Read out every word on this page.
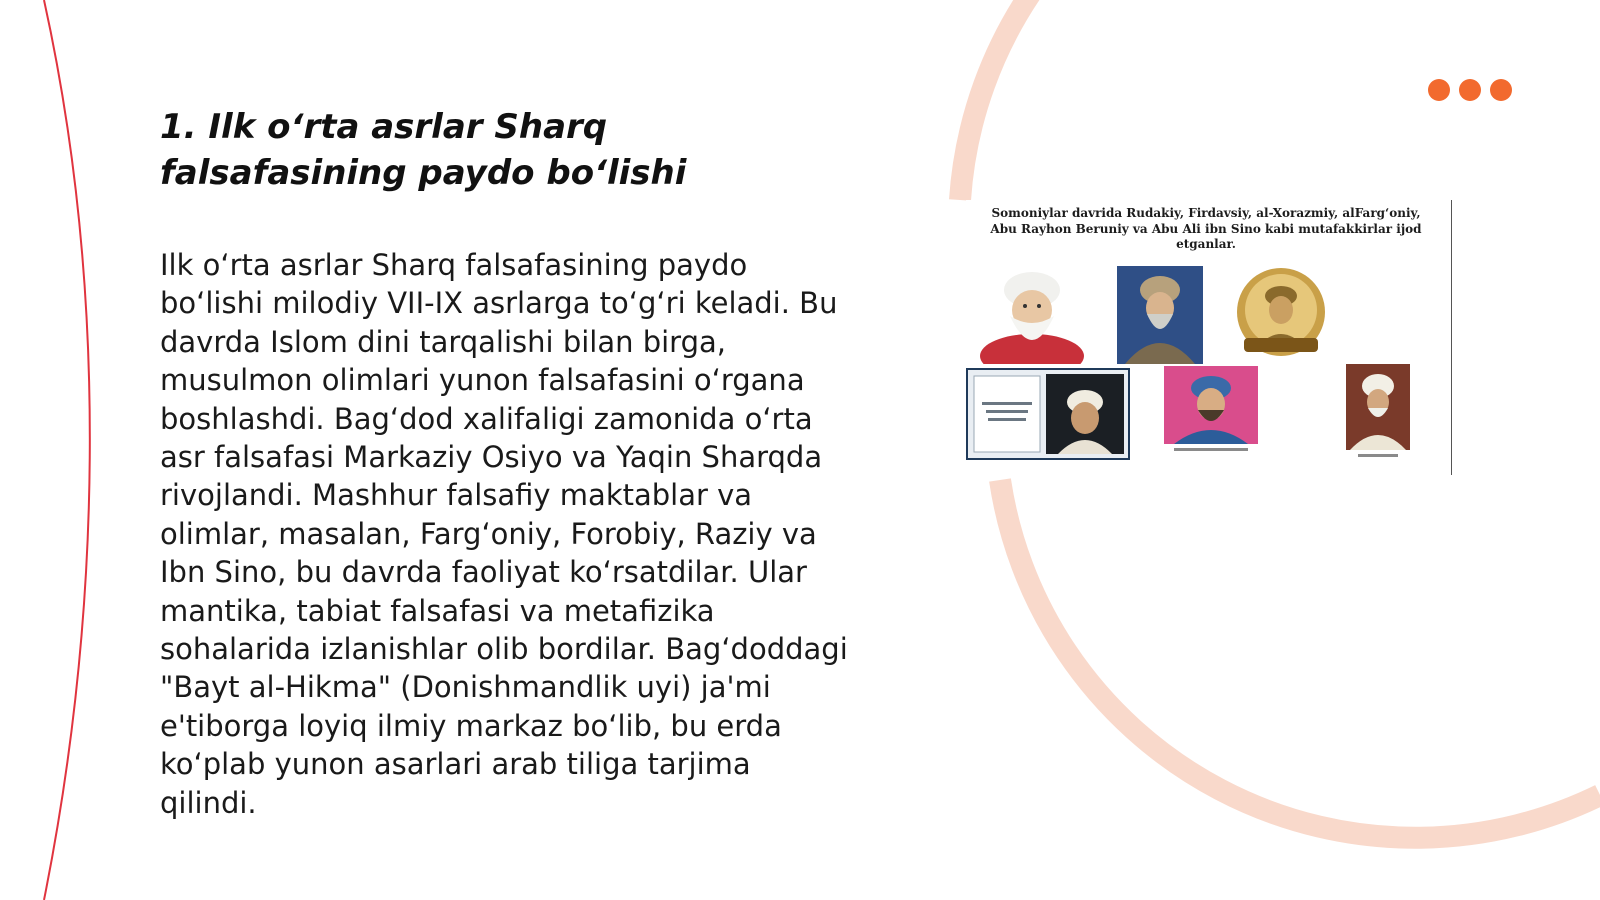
1. Ilk o‘rta asrlar Sharq falsafasining paydo bo‘lishi

Ilk o‘rta asrlar Sharq falsafasining paydo bo‘lishi milodiy VII-IX asrlarga to‘g‘ri keladi. Bu davrda Islom dini tarqalishi bilan birga, musulmon olimlari yunon falsafasini o‘rgana boshlashdi. Bag‘dod xalifaligi zamonida o‘rta asr falsafasi Markaziy Osiyo va Yaqin Sharqda rivojlandi. Mashhur falsafiy maktablar va olimlar, masalan, Farg‘oniy, Forobiy, Raziy va Ibn Sino, bu davrda faoliyat ko‘rsatdilar. Ular mantika, tabiat falsafasi va metafizika sohalarida izlanishlar olib bordilar. Bag‘doddagi "Bayt al-Hikma" (Donishmandlik uyi) ja'mi e'tiborga loyiq ilmiy markaz bo‘lib, bu erda ko‘plab yunon asarlari arab tiliga tarjima qilindi.

Somoniylar davrida Rudakiy, Firdavsiy, al-Xorazmiy, alFarg‘oniy, Abu Rayhon Beruniy va Abu Ali ibn Sino kabi mutafakkirlar ijod etganlar.
